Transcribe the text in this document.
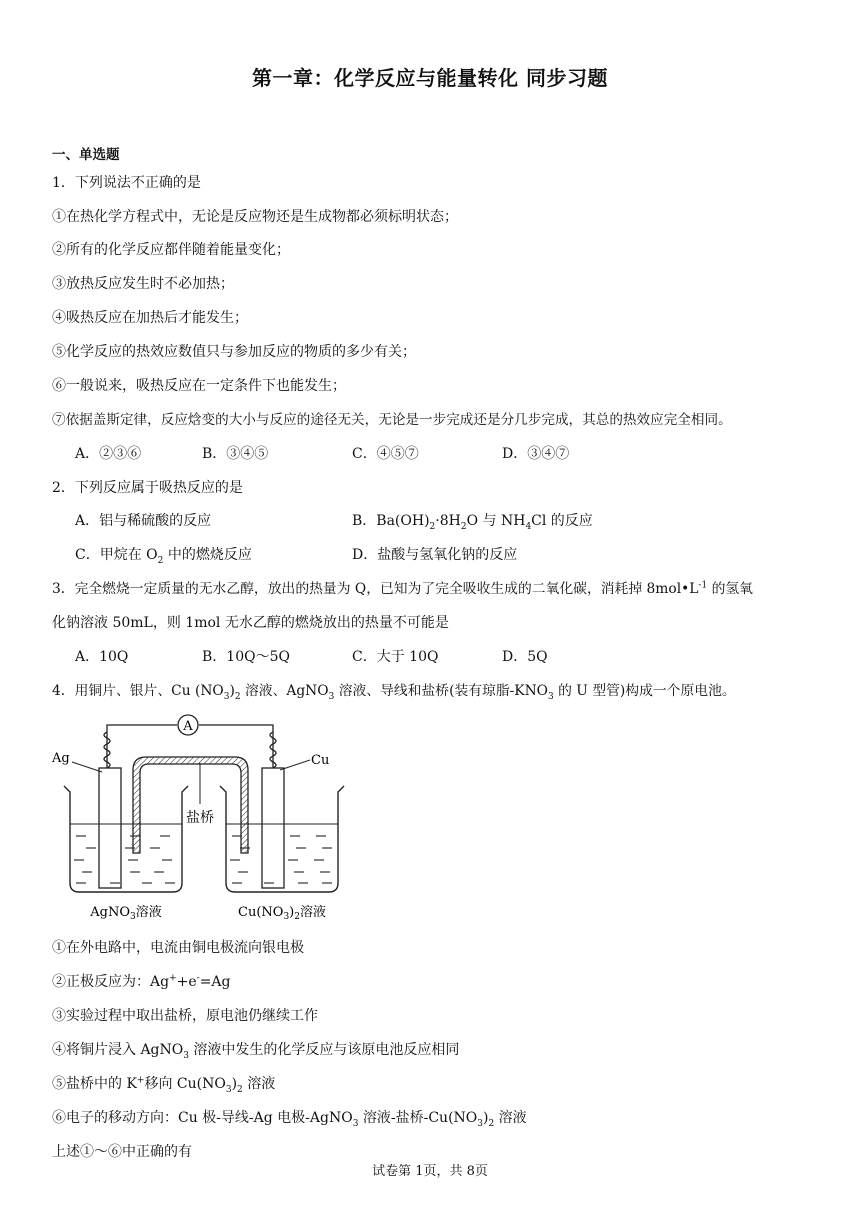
第一章：化学反应与能量转化 同步习题
一、单选题
1．下列说法不正确的是
①在热化学方程式中，无论是反应物还是生成物都必须标明状态；
②所有的化学反应都伴随着能量变化；
③放热反应发生时不必加热；
④吸热反应在加热后才能发生；
⑤化学反应的热效应数值只与参加反应的物质的多少有关；
⑥一般说来，吸热反应在一定条件下也能发生；
⑦依据盖斯定律，反应焓变的大小与反应的途径无关，无论是一步完成还是分几步完成，其总的热效应完全相同。
A．②③⑥	B．③④⑤	C．④⑤⑦	D．③④⑦
2．下列反应属于吸热反应的是
A．铝与稀硫酸的反应	B．$Ba(OH)_2\cdot 8H_2O$ 与 $NH_4Cl$ 的反应
C．甲烷在 $O_2$ 中的燃烧反应	D．盐酸与氢氧化钠的反应
3．完全燃烧一定质量的无水乙醇，放出的热量为 Q，已知为了完全吸收生成的二氧化碳，消耗掉 $8mol•L^{-1}$ 的氢氧
化钠溶液 50mL，则 1mol 无水乙醇的燃烧放出的热量不可能是
A．10Q	B．10Q～5Q	C．大于 10Q	D．5Q
4．用铜片、银片、Cu $(NO_3)_2$ 溶液、AgNO$_3$ 溶液、导线和盐桥(装有琼脂$-KNO_3$ 的 U 型管)构成一个原电池。
A
盐桥
Ag	Cu
AgNO$_3$溶液	$Cu(NO_3)_2$溶液
①在外电路中，电流由铜电极流向银电极
②正极反应为：Ag++e-=Ag
③实验过程中取出盐桥，原电池仍继续工作
④将铜片浸入 AgNO$_3$ 溶液中发生的化学反应与该原电池反应相同
⑤盐桥中的 K+移向 $Cu(NO_3)_2$ 溶液
⑥电子的移动方向：Cu 极-导线-Ag 电极-AgNO$_3$ 溶液-盐桥$-Cu(NO_3)_2$ 溶液
上述①～⑥中正确的有
试卷第 1页，共 8页
